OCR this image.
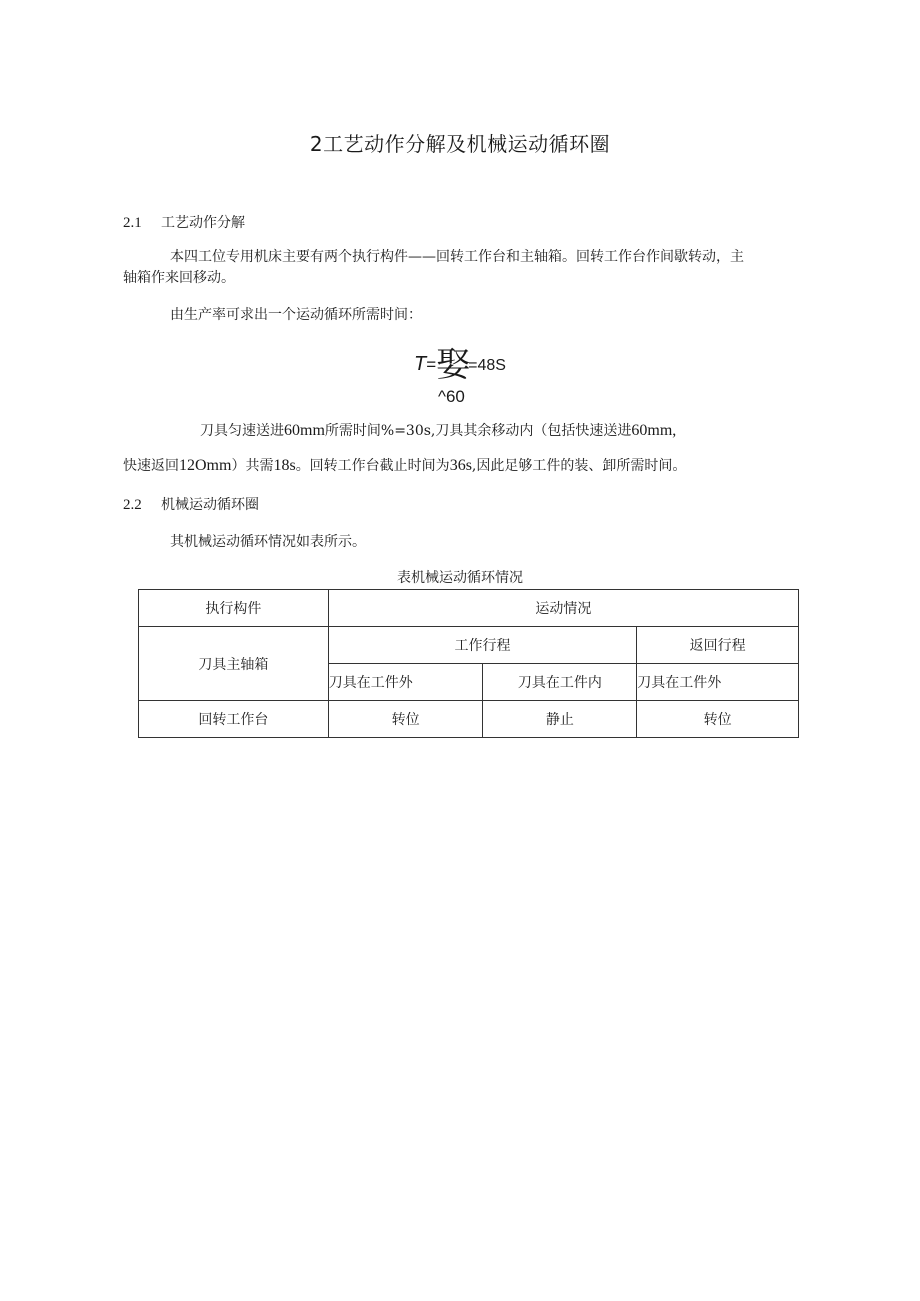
2工艺动作分解及机械运动循环圈
2.1 工艺动作分解
本四工位专用机床主要有两个执行构件——回转工作台和主轴箱。回转工作台作间歇转动，主
轴箱作来回移动。
由生产率可求出一个运动循环所需时间：
T=娶=48S
^60
刀具匀速送进60mm所需时间%=30s,刀具其余移动内（包括快速送进60mm,
快速返回12Omm）共需18s。回转工作台截止时间为36s,因此足够工件的装、卸所需时间。
2.2 机械运动循环圈
其机械运动循环情况如表所示。
表机械运动循环情况
执行构件	运动情况		
刀具主轴箱	工作行程		返回行程
	刀具在工件外	刀具在工件内	刀具在工件外
回转工作台	转位	静止	转位
